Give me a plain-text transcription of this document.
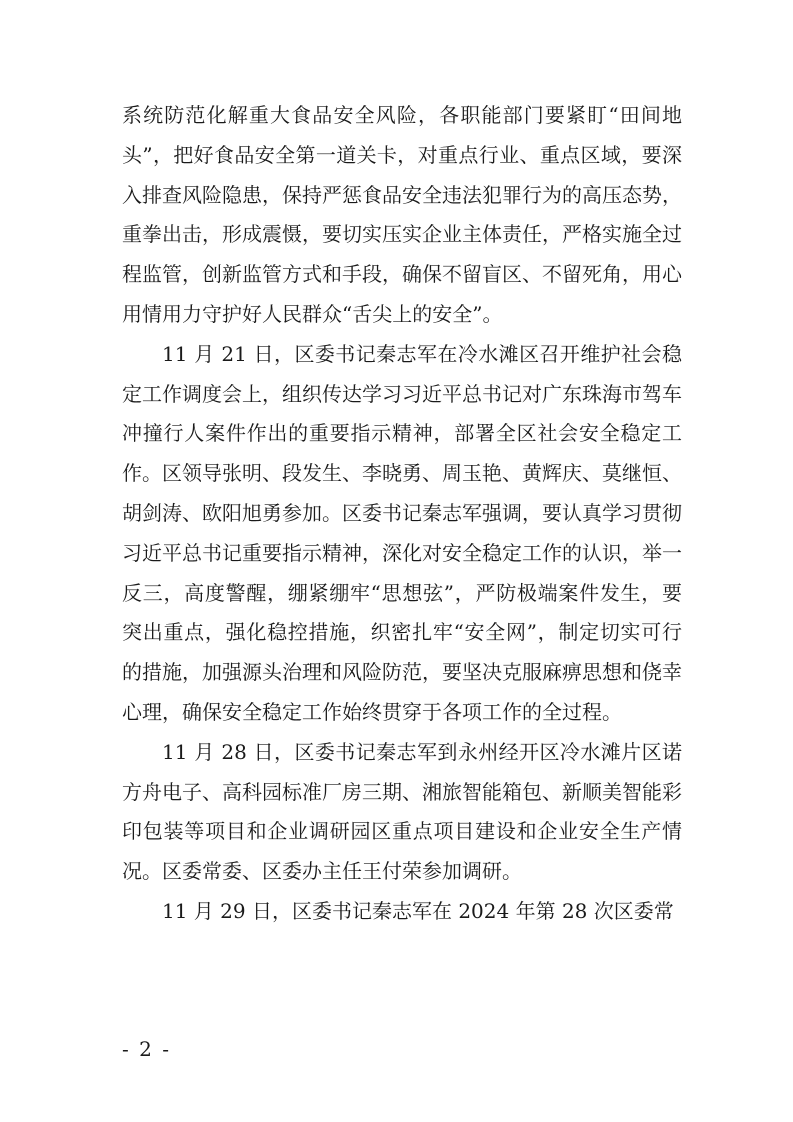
系统防范化解重大食品安全风险，各职能部门要紧盯“田间地头”，把好食品安全第一道关卡，对重点行业、重点区域，要深入排查风险隐患，保持严惩食品安全违法犯罪行为的高压态势，重拳出击，形成震慑，要切实压实企业主体责任，严格实施全过程监管，创新监管方式和手段，确保不留盲区、不留死角，用心用情用力守护好人民群众“舌尖上的安全”。

11 月 21 日，区委书记秦志军在冷水滩区召开维护社会稳定工作调度会上，组织传达学习习近平总书记对广东珠海市驾车冲撞行人案件作出的重要指示精神，部署全区社会安全稳定工作。区领导张明、段发生、李晓勇、周玉艳、黄辉庆、莫继恒、胡剑涛、欧阳旭勇参加。区委书记秦志军强调，要认真学习贯彻习近平总书记重要指示精神，深化对安全稳定工作的认识，举一反三，高度警醒，绷紧绷牢“思想弦”，严防极端案件发生，要突出重点，强化稳控措施，织密扎牢“安全网”，制定切实可行的措施，加强源头治理和风险防范，要坚决克服麻痹思想和侥幸心理，确保安全稳定工作始终贯穿于各项工作的全过程。

11 月 28 日，区委书记秦志军到永州经开区冷水滩片区诺方舟电子、高科园标准厂房三期、湘旅智能箱包、新顺美智能彩印包装等项目和企业调研园区重点项目建设和企业安全生产情况。区委常委、区委办主任王付荣参加调研。

11 月 29 日，区委书记秦志军在 2024 年第 28 次区委常

- 2 -
